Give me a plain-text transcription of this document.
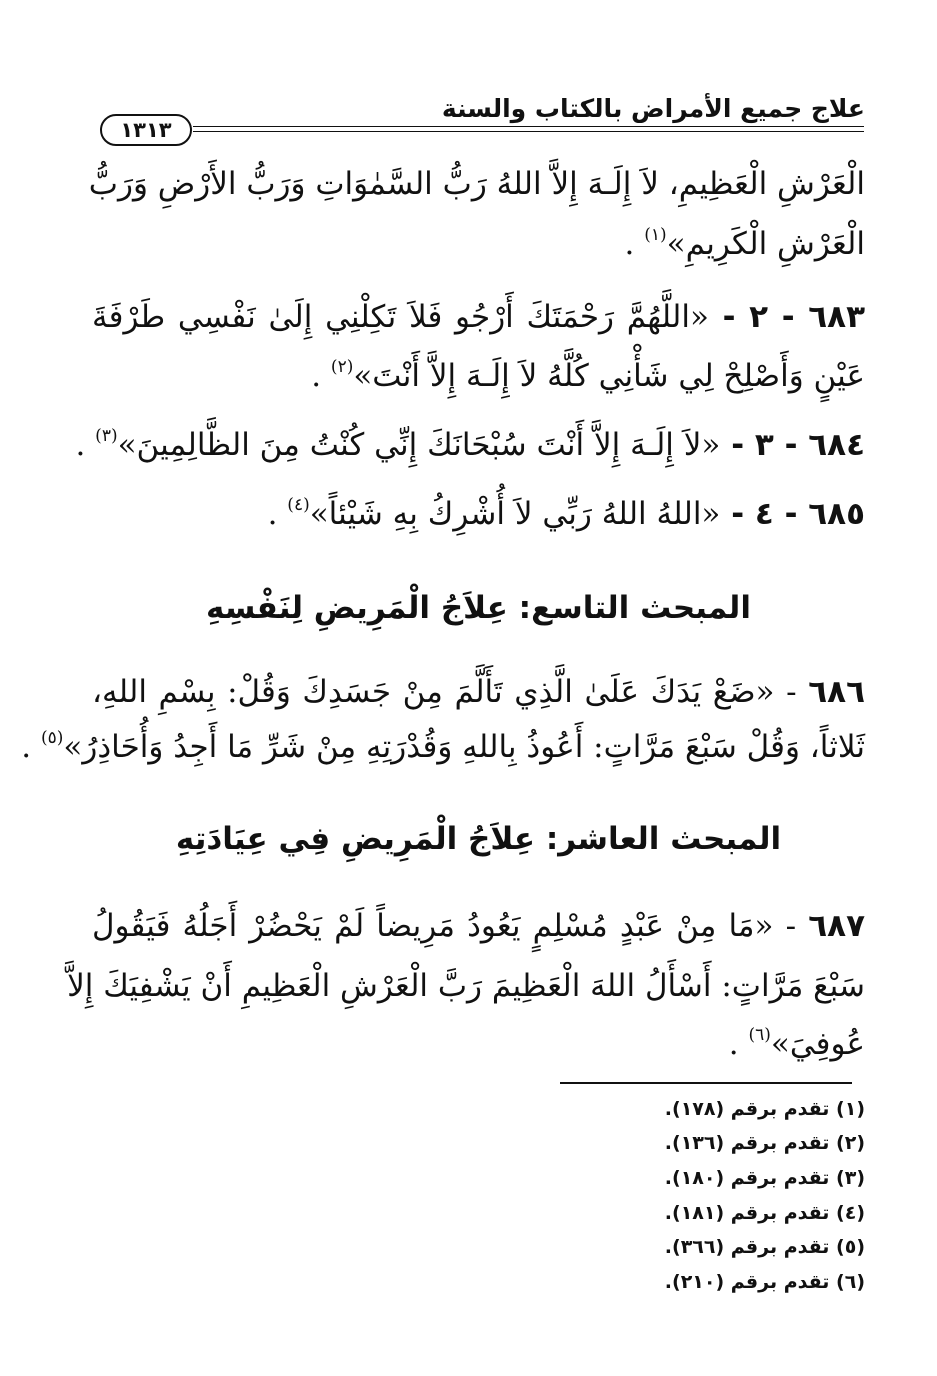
علاج جميع الأمراض بالكتاب والسنة
١٣١٣
الْعَرْشِ الْعَظِيمِ، لاَ إِلَـهَ إِلاَّ اللهُ رَبُّ السَّمٰوَاتِ وَرَبُّ الأَرْضِ وَرَبُّ
الْعَرْشِ الْكَرِيمِ»$^{(١)}$ .
٦٨٣ - ٢ - «اللَّهُمَّ رَحْمَتَكَ أَرْجُو فَلاَ تَكِلْنِي إِلَىٰ نَفْسِي طَرْفَةَ
عَيْنٍ وَأَصْلِحْ لِي شَأْنِي كُلَّهُ لاَ إِلَـهَ إِلاَّ أَنْتَ»$^{(٢)}$ .
٦٨٤ - ٣ - «لاَ إِلَـهَ إِلاَّ أَنْتَ سُبْحَانَكَ إِنِّي كُنْتُ مِنَ الظَّالِمِينَ»$^{(٣)}$ .
٦٨٥ - ٤ - «اللهُ اللهُ رَبِّي لاَ أُشْرِكُ بِهِ شَيْئاً»$^{(٤)}$ .
المبحث التاسع: عِلاَجُ الْمَرِيضِ لِنَفْسِهِ
٦٨٦ - «ضَعْ يَدَكَ عَلَىٰ الَّذِي تَأَلَّمَ مِنْ جَسَدِكَ وَقُلْ: بِسْمِ اللهِ،
ثَلاثاً، وَقُلْ سَبْعَ مَرَّاتٍ: أَعُوذُ بِاللهِ وَقُدْرَتِهِ مِنْ شَرِّ مَا أَجِدُ وَأُحَاذِرُ»$^{(٥)}$ .
المبحث العاشر: عِلاَجُ الْمَرِيضِ فِي عِيَادَتِهِ
٦٨٧ - «مَا مِنْ عَبْدٍ مُسْلِمٍ يَعُودُ مَرِيضاً لَمْ يَحْضُرْ أَجَلُهُ فَيَقُولُ
سَبْعَ مَرَّاتٍ: أَسْأَلُ اللهَ الْعَظِيمَ رَبَّ الْعَرْشِ الْعَظِيمِ أَنْ يَشْفِيَكَ إِلاَّ
عُوفِيَ»$^{(٦)}$ .
(١) تقدم برقم (١٧٨).
(٢) تقدم برقم (١٣٦).
(٣) تقدم برقم (١٨٠).
(٤) تقدم برقم (١٨١).
(٥) تقدم برقم (٣٦٦).
(٦) تقدم برقم (٢١٠).
